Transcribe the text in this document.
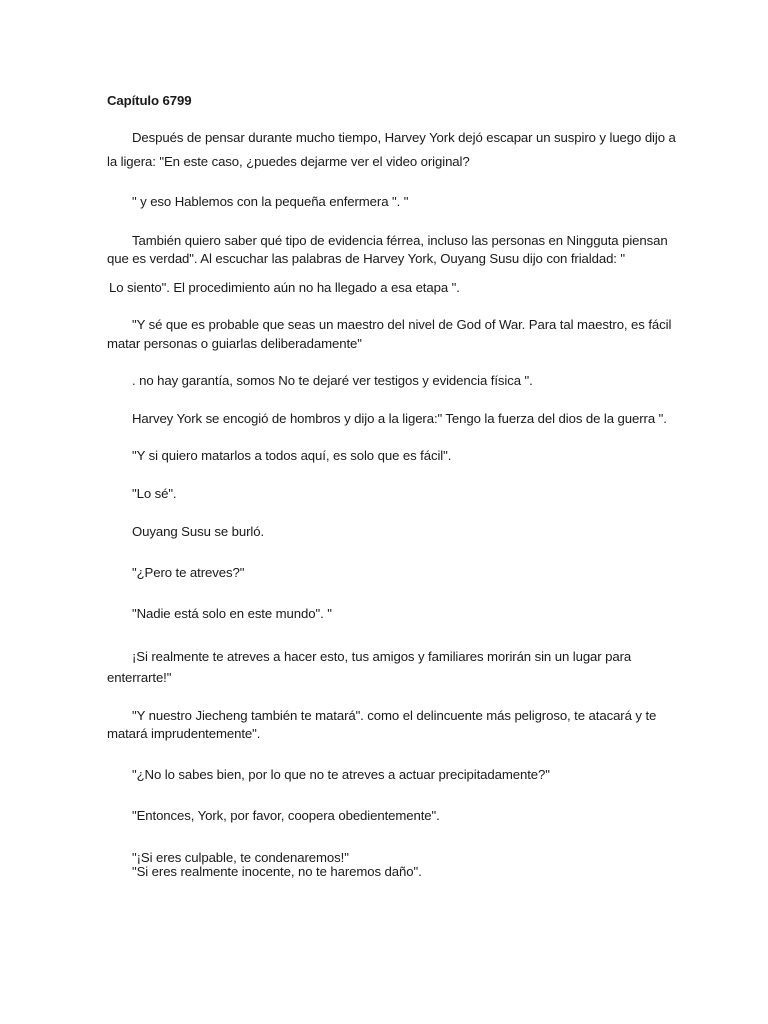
Capítulo 6799
Después de pensar durante mucho tiempo, Harvey York dejó escapar un suspiro y luego dijo a
la ligera: "En este caso, ¿puedes dejarme ver el video original?
" y eso Hablemos con la pequeña enfermera ". "
También quiero saber qué tipo de evidencia férrea, incluso las personas en Ningguta piensan
que es verdad". Al escuchar las palabras de Harvey York, Ouyang Susu dijo con frialdad: "
Lo siento". El procedimiento aún no ha llegado a esa etapa ".
"Y sé que es probable que seas un maestro del nivel de God of War. Para tal maestro, es fácil
matar personas o guiarlas deliberadamente"
. no hay garantía, somos No te dejaré ver testigos y evidencia física ".
Harvey York se encogió de hombros y dijo a la ligera:" Tengo la fuerza del dios de la guerra ".
"Y si quiero matarlos a todos aquí, es solo que es fácil".
"Lo sé".
Ouyang Susu se burló.
"¿Pero te atreves?"
"Nadie está solo en este mundo". "
¡Si realmente te atreves a hacer esto, tus amigos y familiares morirán sin un lugar para
enterrarte!"
"Y nuestro Jiecheng también te matará". como el delincuente más peligroso, te atacará y te
matará imprudentemente".
"¿No lo sabes bien, por lo que no te atreves a actuar precipitadamente?"
"Entonces, York, por favor, coopera obedientemente".
"¡Si eres culpable, te condenaremos!"
"Si eres realmente inocente, no te haremos daño".
